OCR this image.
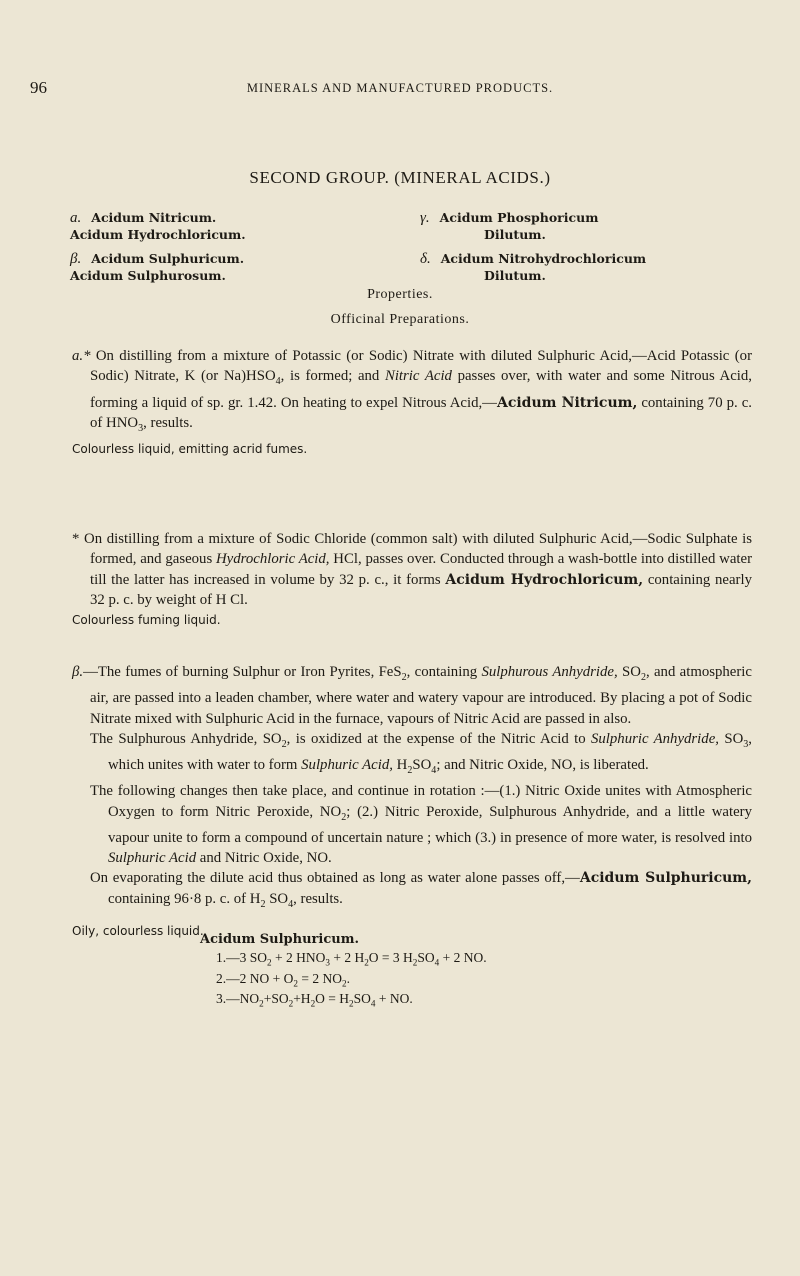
96	MINERALS AND MANUFACTURED PRODUCTS.
SECOND GROUP. (MINERAL ACIDS.)
a. Acidum Nitricum.
Acidum Hydrochloricum.
β. Acidum Sulphuricum.
Acidum Sulphurosum.
γ. Acidum Phosphoricum
Dilutum.
δ. Acidum Nitrohydrochloricum
Dilutum.
Properties.
Officinal Preparations.

a.* On distilling from a mixture of Potassic (or Sodic) Nitrate with diluted Sulphuric Acid,—Acid Potassic (or Sodic) Nitrate, K (or $Na)HSO_4$, is formed; and Nitric Acid passes over, with water and some Nitrous Acid, forming a liquid of sp. gr. 1.42. On heating to expel Nitrous Acid,—Acidum Nitricum, containing 70 p. c. of $HNO_3$, results.

Colourless liquid, emitting acrid fumes.

* On distilling from a mixture of Sodic Chloride (common salt) with diluted Sulphuric Acid,—Sodic Sulphate is formed, and gaseous Hydrochloric Acid, HCl, passes over. Conducted through a wash-bottle into distilled water till the latter has increased in volume by 32 p. c., it forms Acidum Hydrochloricum, containing nearly 32 p. c. by weight of H Cl.

Colourless fuming liquid.

β.—The fumes of burning Sulphur or Iron Pyrites, FeS$_2$, containing Sulphurous Anhydride, $SO_2$, and atmospheric air, are passed into a leaden chamber, where water and watery vapour are introduced. By placing a pot of Sodic Nitrate mixed with Sulphuric Acid in the furnace, vapours of Nitric Acid are passed in also.

The Sulphurous Anhydride, $SO_2$, is oxidized at the expense of the Nitric Acid to Sulphuric Anhydride, $SO_3$, which unites with water to form Sulphuric Acid, $H_2SO_4$; and Nitric Oxide, NO, is liberated.

The following changes then take place, and continue in rotation :—(1.) Nitric Oxide unites with Atmospheric Oxygen to form Nitric Peroxide, $NO_2$; (2.) Nitric Peroxide, Sulphurous Anhydride, and a little watery vapour unite to form a compound of uncertain nature ; which (3.) in presence of more water, is resolved into Sulphuric Acid and Nitric Oxide, NO.

On evaporating the dilute acid thus obtained as long as water alone passes off,—Acidum Sulphuricum, containing 96·8 p. c. of $H_2$ $SO_4$, results.

Oily, colourless liquid.

Acidum Sulphuricum.
1.—3 $SO_2 + 2$ $HNO_3 + 2$ $H_2O = 3$ $H_2SO_4 + 2$ NO.
2.—2 NO + $O_2 = 2$ $NO_2$.
$3.—NO_2+SO_2+H_2O = H_2SO_4$ + NO.
